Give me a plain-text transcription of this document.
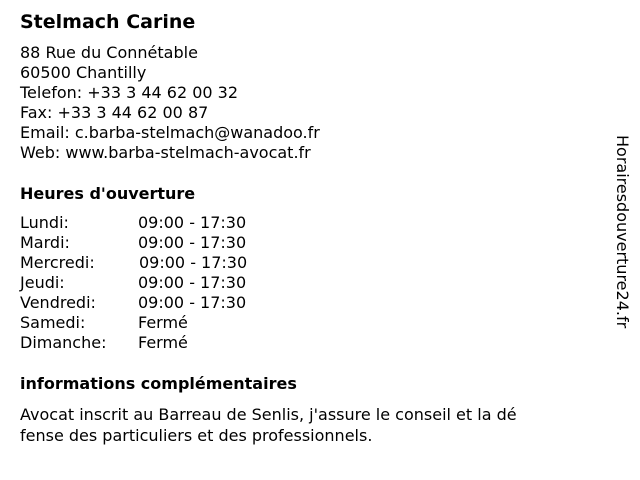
Stelmach Carine
88 Rue du Connétable
60500 Chantilly
Telefon: +33 3 44 62 00 32
Fax: +33 3 44 62 00 87
Email: c.barba-stelmach@wanadoo.fr
Web: www.barba-stelmach-avocat.fr
Heures d'ouverture
Lundi:	09:00 - 17:30
Mardi:	09:00 - 17:30
Mercredi:	09:00 - 17:30
Jeudi:	09:00 - 17:30
Vendredi:	09:00 - 17:30
Samedi:	Fermé
Dimanche: Fermé
informations complémentaires
Avocat inscrit au Barreau de Senlis, j'assure le conseil et la dé
fense des particuliers et des professionnels.
Horairesdouverture24.fr
